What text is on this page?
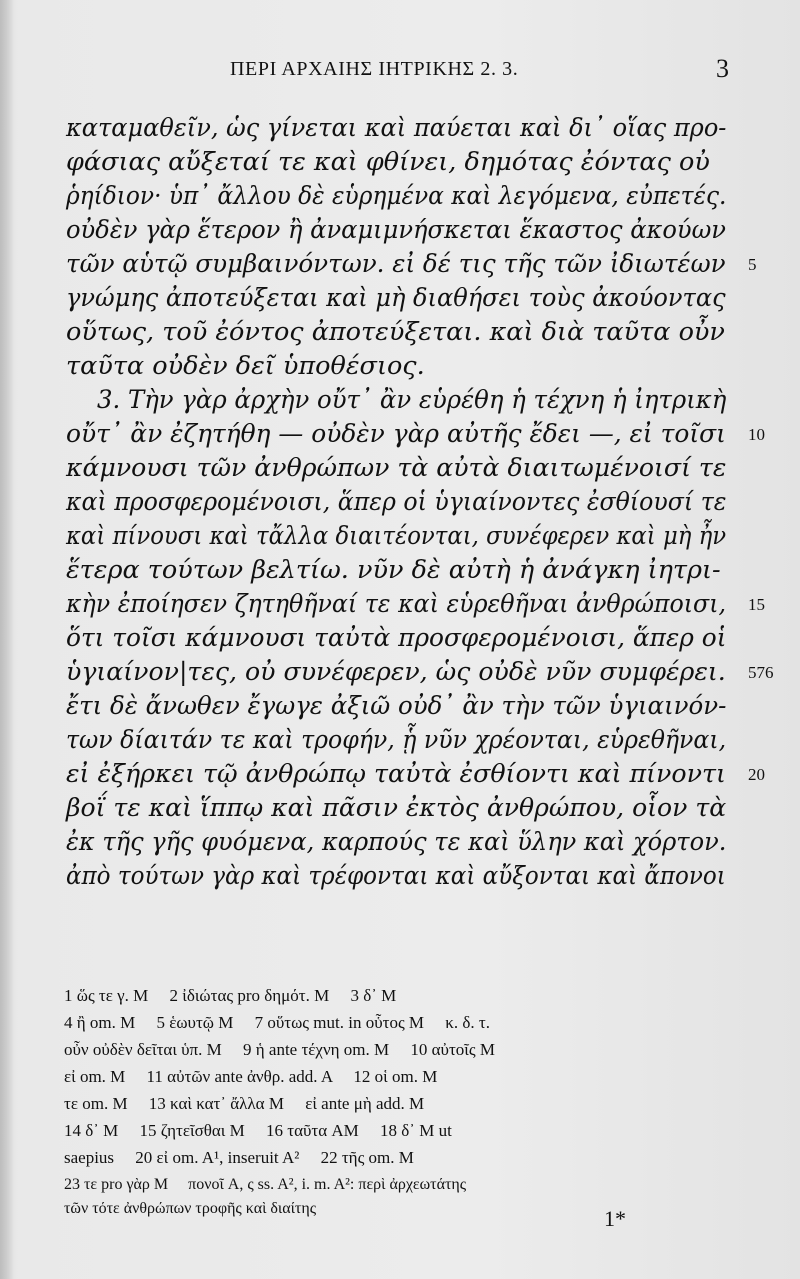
ΠΕΡΙ ΑΡΧΑΙΗΣ ΙΗΤΡΙΚΗΣ 2. 3.	3
καταμαθεῖν, ὡς γίνεται καὶ παύεται καὶ δι᾽ οἵας προ-
φάσιας αὔξεταί τε καὶ φθίνει, δημότας ἐόντας οὐ
ῥηίδιον· ὑπ᾽ ἄλλου δὲ εὑρημένα καὶ λεγόμενα, εὐπετές.
οὐδὲν γὰρ ἕτερον ἢ ἀναμιμνήσκεται ἕκαστος ἀκούων
τῶν αὑτῷ συμβαινόντων. εἰ δέ τις τῆς τῶν ἰδιωτέων 5
γνώμης ἀποτεύξεται καὶ μὴ διαθήσει τοὺς ἀκούοντας
οὕτως, τοῦ ἐόντος ἀποτεύξεται. καὶ διὰ ταῦτα οὖν
ταῦτα οὐδὲν δεῖ ὑποθέσιος.
3. Τὴν γὰρ ἀρχὴν οὔτ᾽ ἂν εὑρέθη ἡ τέχνη ἡ ἰητρικὴ
οὔτ᾽ ἂν ἐζητήθη — οὐδὲν γὰρ αὐτῆς ἔδει —, εἰ τοῖσι 10
κάμνουσι τῶν ἀνθρώπων τὰ αὐτὰ διαιτωμένοισί τε
καὶ προσφερομένοισι, ἅπερ οἱ ὑγιαίνοντες ἐσθίουσί τε
καὶ πίνουσι καὶ τἄλλα διαιτέονται, συνέφερεν καὶ μὴ ἦν
ἕτερα τούτων βελτίω. νῦν δὲ αὐτὴ ἡ ἀνάγκη ἰητρι-
κὴν ἐποίησεν ζητηθῆναί τε καὶ εὑρεθῆναι ἀνθρώποισι, 15
ὅτι τοῖσι κάμνουσι ταὐτὰ προσφερομένοισι, ἅπερ οἱ
ὑγιαίνον|τες, οὐ συνέφερεν, ὡς οὐδὲ νῦν συμφέρει. 576
ἔτι δὲ ἄνωθεν ἔγωγε ἀξιῶ οὐδ᾽ ἂν τὴν τῶν ὑγιαινόν-
των δίαιτάν τε καὶ τροφήν, ᾗ νῦν χρέονται, εὑρεθῆναι,
εἰ ἐξήρκει τῷ ἀνθρώπῳ ταὐτὰ ἐσθίοντι καὶ πίνοντι 20
βοΐ τε καὶ ἵππῳ καὶ πᾶσιν ἐκτὸς ἀνθρώπου, οἷον τὰ
ἐκ τῆς γῆς φυόμενα, καρπούς τε καὶ ὕλην καὶ χόρτον.
ἀπὸ τούτων γὰρ καὶ τρέφονται καὶ αὔξονται καὶ ἄπονοι
1 ὥς τε γ. M     2 ἰδιώτας pro δημότ. M     3 δ᾽ M
4 ἢ om. M     5 ἑωυτῷ M     7 οὕτως mut. in οὗτος M     κ. δ. τ.
οὖν οὐδὲν δεῖται ὑπ. M     9 ἡ ante τέχνη om. M     10 αὐτοῖς M
εἰ om. M     11 αὐτῶν ante ἀνθρ. add. A     12 οἱ om. M
τε om. M     13 καὶ κατ᾽ ἄλλα M     εἰ ante μὴ add. M
14 δ᾽ M     15 ζητεῖσθαι M     16 ταῦτα AM     18 δ᾽ M ut
saepius     20 εἰ om. A¹, inseruit A²     22 τῆς om. M
23 τε pro γὰρ M     πονοῖ A, ς ss. A², i. m. A²: περὶ ἀρχεωτάτης
τῶν τότε ἀνθρώπων τροφῆς καὶ διαίτης	1*
